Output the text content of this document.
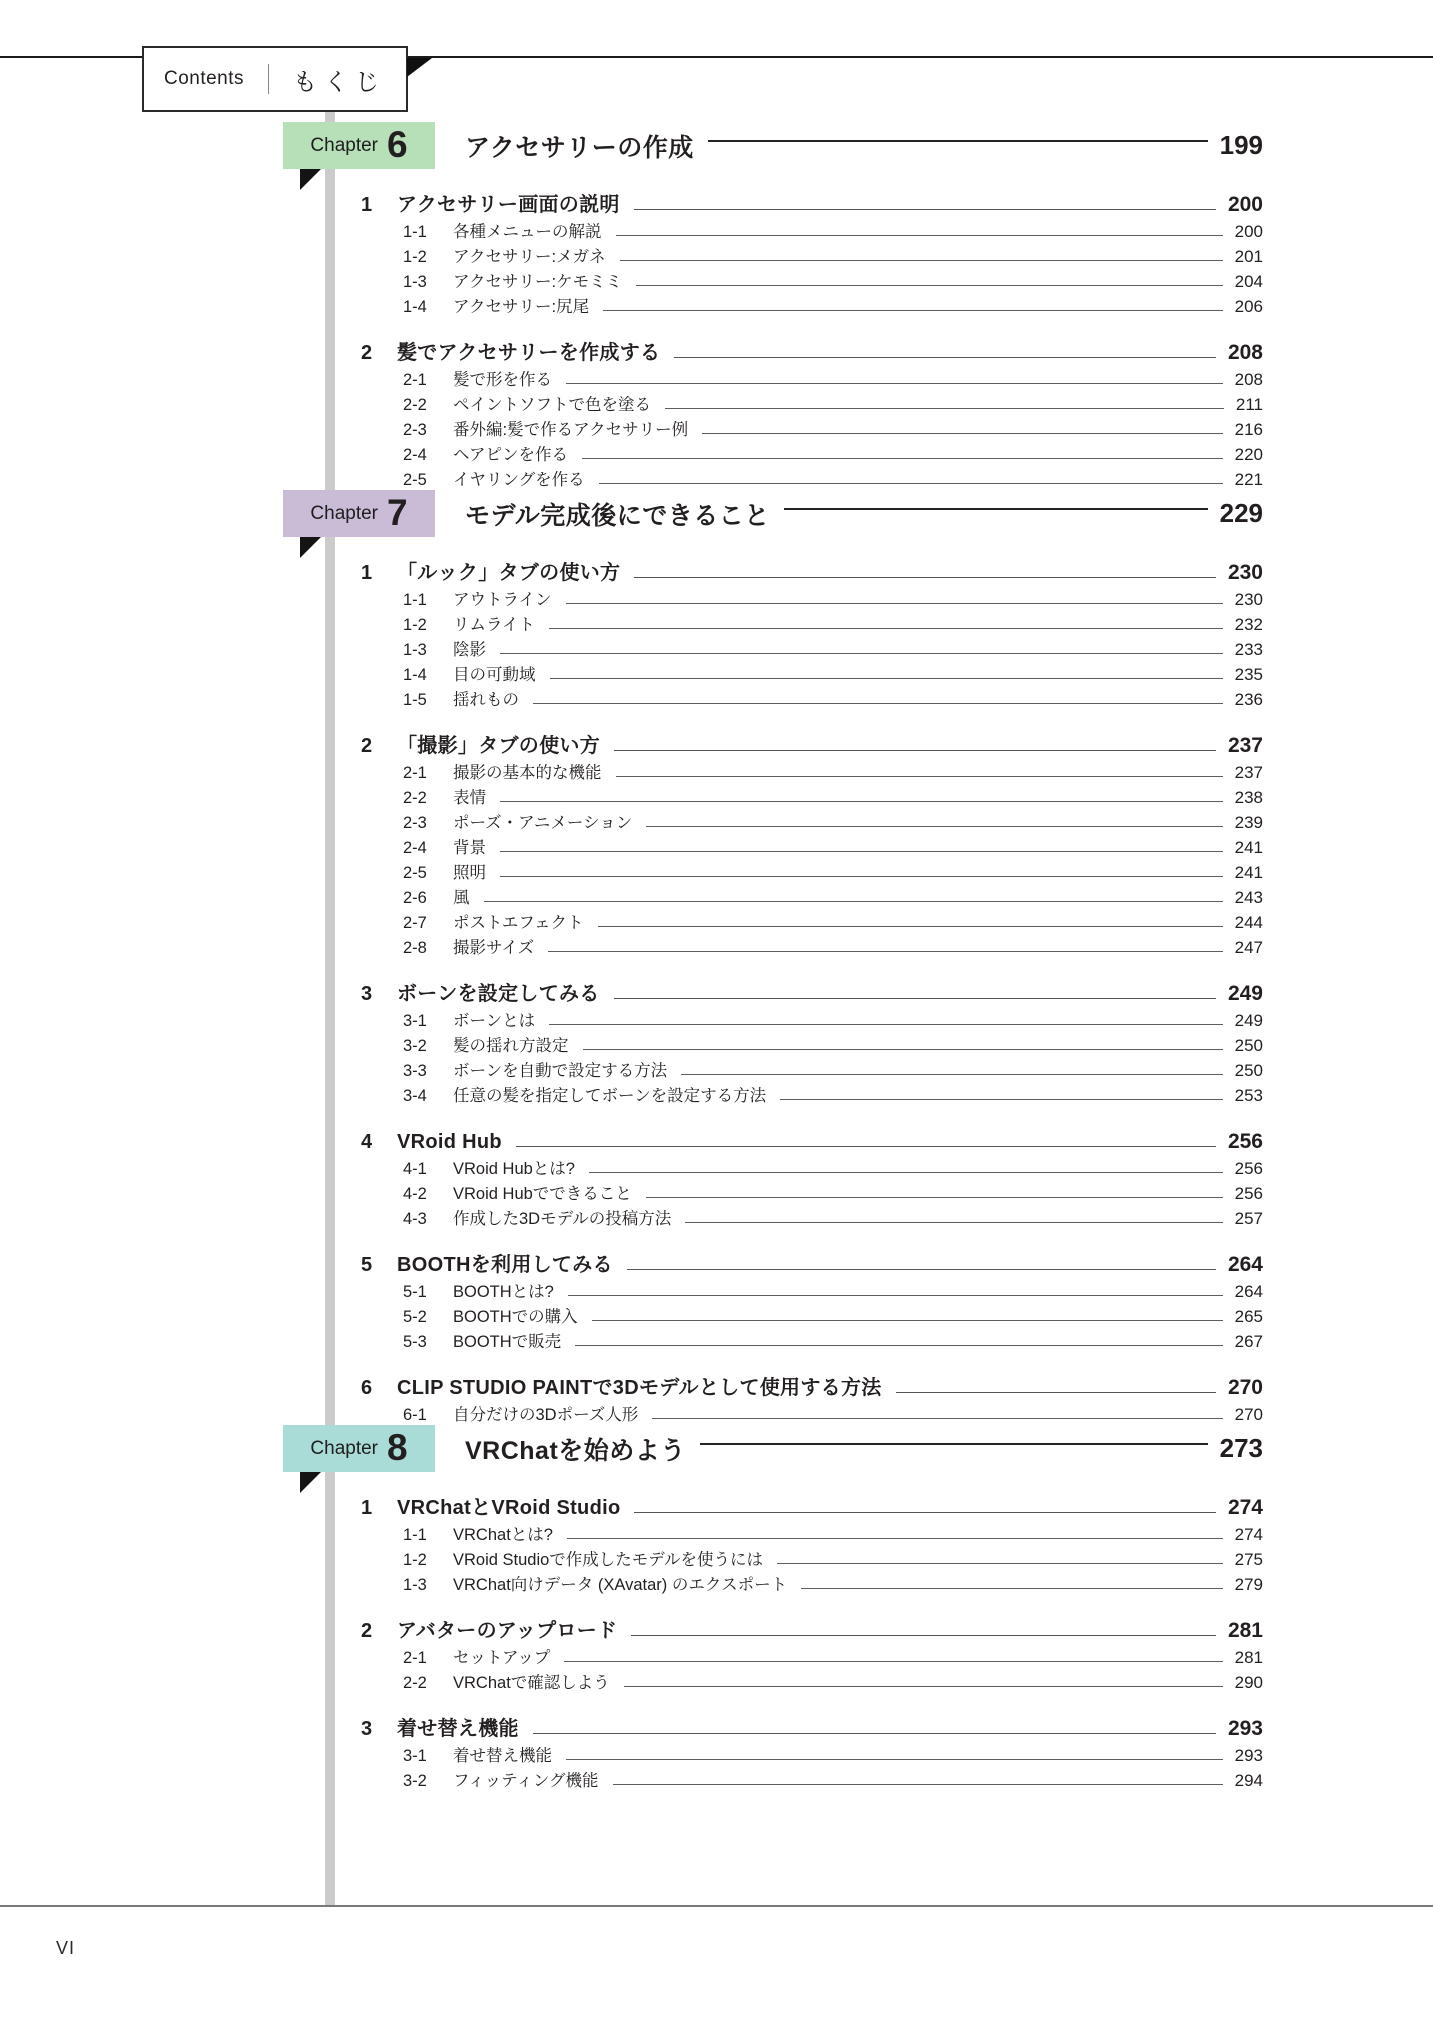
Contents もくじ
Chapter 6 アクセサリーの作成	199
1	アクセサリー画面の説明	200
1-1	各種メニューの解説	200
1-2	アクセサリー:メガネ	201
1-3	アクセサリー:ケモミミ	204
1-4	アクセサリー:尻尾	206
2	髪でアクセサリーを作成する	208
2-1	髪で形を作る	208
2-2	ペイントソフトで色を塗る	211
2-3	番外編:髪で作るアクセサリー例	216
2-4	ヘアピンを作る	220
2-5	イヤリングを作る	221
Chapter 7 モデル完成後にできること	229
1	「ルック」タブの使い方	230
1-1	アウトライン	230
1-2	リムライト	232
1-3	陰影	233
1-4	目の可動域	235
1-5	揺れもの	236
2	「撮影」タブの使い方	237
2-1	撮影の基本的な機能	237
2-2	表情	238
2-3	ポーズ・アニメーション	239
2-4	背景	241
2-5	照明	241
2-6	風	243
2-7	ポストエフェクト	244
2-8	撮影サイズ	247
3	ボーンを設定してみる	249
3-1	ボーンとは	249
3-2	髪の揺れ方設定	250
3-3	ボーンを自動で設定する方法	250
3-4	任意の髪を指定してボーンを設定する方法	253
4	VRoid Hub	256
4-1	VRoid Hubとは?	256
4-2	VRoid Hubでできること	256
4-3	作成した3Dモデルの投稿方法	257
5	BOOTHを利用してみる	264
5-1	BOOTHとは?	264
5-2	BOOTHでの購入	265
5-3	BOOTHで販売	267
6	CLIP STUDIO PAINTで3Dモデルとして使用する方法	270
6-1	自分だけの3Dポーズ人形	270
Chapter 8 VRChatを始めよう	273
1	VRChatとVRoid Studio	274
1-1	VRChatとは?	274
1-2	VRoid Studioで作成したモデルを使うには	275
1-3	VRChat向けデータ (XAvatar) のエクスポート	279
2	アバターのアップロード	281
2-1	セットアップ	281
2-2	VRChatで確認しよう	290
3	着せ替え機能	293
3-1	着せ替え機能	293
3-2	フィッティング機能	294
VI
